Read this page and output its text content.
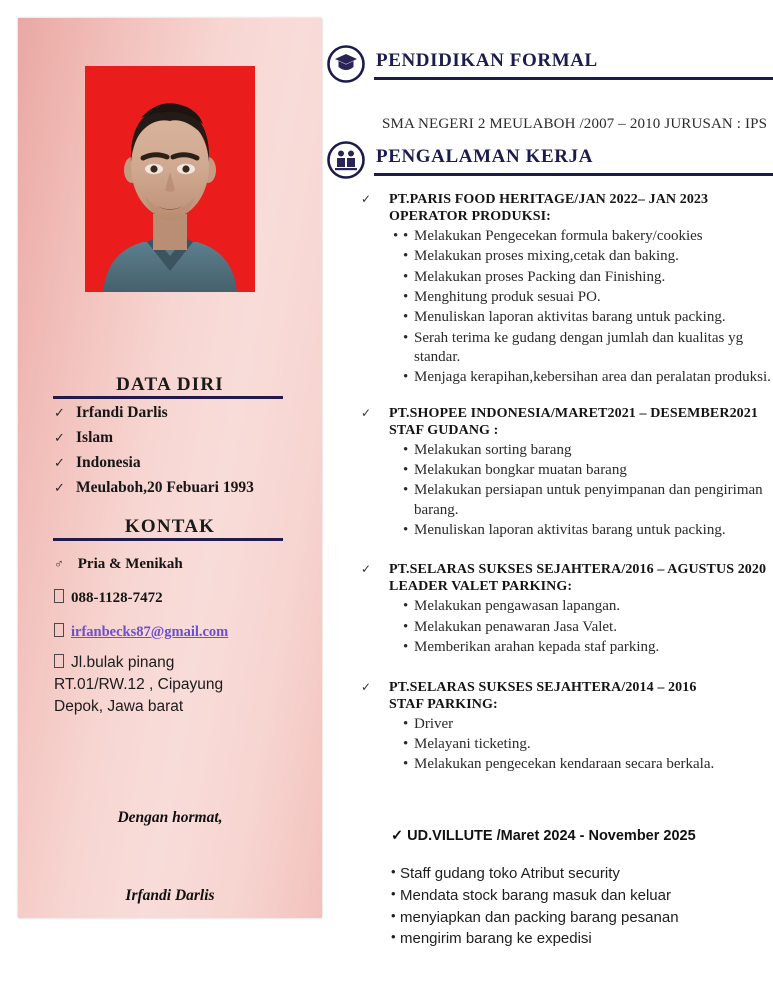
DATA DIRI
✓ Irfandi Darlis
✓ Islam
✓ Indonesia
✓ Meulaboh,20 Febuari 1993
KONTAK
♂ Pria & Menikah
088-1128-7472
irfanbecks87@gmail.com
Jl.bulak pinang
RT.01/RW.12 , Cipayung
Depok, Jawa barat
Dengan hormat,
Irfandi Darlis
PENDIDIKAN FORMAL
SMA NEGERI 2 MEULABOH /2007 – 2010 JURUSAN : IPS
PENGALAMAN KERJA
✓	PT.PARIS FOOD HERITAGE/JAN 2022– JAN 2023
OPERATOR PRODUKSI:
• • Melakukan Pengecekan formula bakery/cookies
• Melakukan proses mixing,cetak dan baking.
• Melakukan proses Packing dan Finishing.
• Menghitung produk sesuai PO.
• Menuliskan laporan aktivitas barang untuk packing.
• Serah terima ke gudang dengan jumlah dan kualitas yg standar.
• Menjaga kerapihan,kebersihan area dan peralatan produksi.
✓	PT.SHOPEE INDONESIA/MARET2021 – DESEMBER2021
STAF GUDANG :
• Melakukan sorting barang
• Melakukan bongkar muatan barang
• Melakukan persiapan untuk penyimpanan dan pengiriman barang.
• Menuliskan laporan aktivitas barang untuk packing.
✓	PT.SELARAS SUKSES SEJAHTERA/2016 – AGUSTUS 2020
LEADER VALET PARKING:
• Melakukan pengawasan lapangan.
• Melakukan penawaran Jasa Valet.
• Memberikan arahan kepada staf parking.
✓	PT.SELARAS SUKSES SEJAHTERA/2014 – 2016
STAF PARKING:
• Driver
• Melayani ticketing.
• Melakukan pengecekan kendaraan secara berkala.
✓ UD.VILLUTE /Maret 2024 - November 2025
• Staff gudang toko Atribut security
• Mendata stock barang masuk dan keluar
• menyiapkan dan packing barang pesanan
• mengirim barang ke expedisi
